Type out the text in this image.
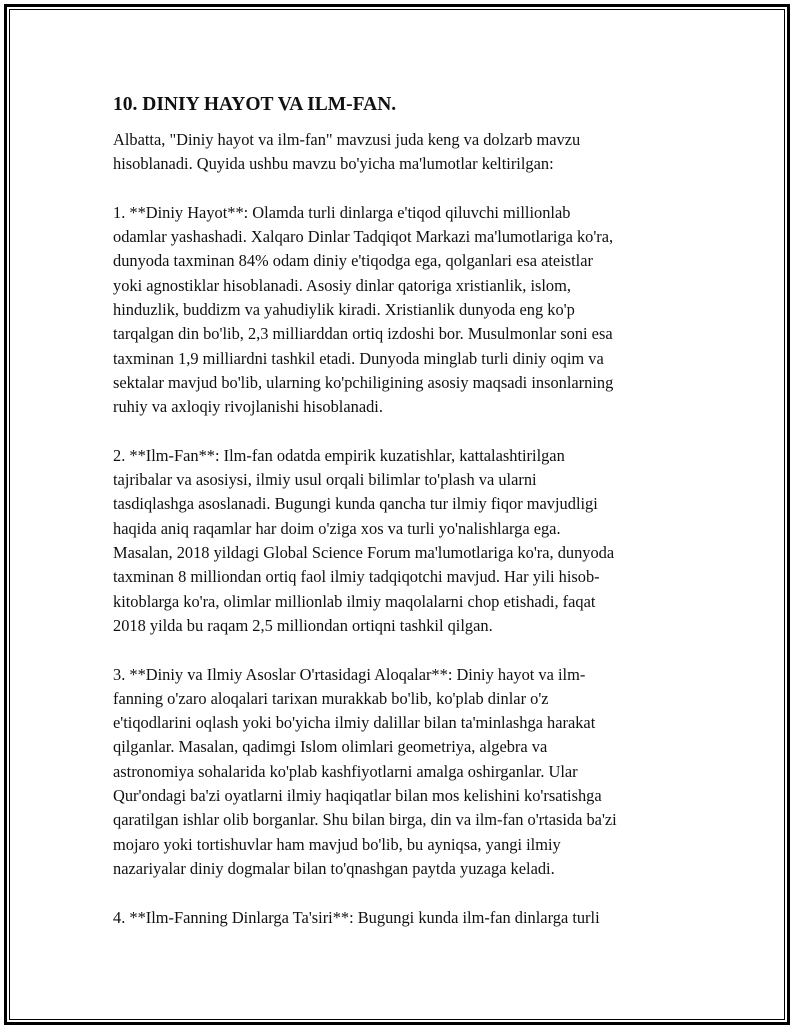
10. DINIY HAYOT VA ILM-FAN.

Albatta, "Diniy hayot va ilm-fan" mavzusi juda keng va dolzarb mavzu
hisoblanadi. Quyida ushbu mavzu bo'yicha ma'lumotlar keltirilgan:

1. **Diniy Hayot**: Olamda turli dinlarga e'tiqod qiluvchi millionlab
odamlar yashashadi. Xalqaro Dinlar Tadqiqot Markazi ma'lumotlariga ko'ra,
dunyoda taxminan 84% odam diniy e'tiqodga ega, qolganlari esa ateistlar
yoki agnostiklar hisoblanadi. Asosiy dinlar qatoriga xristianlik, islom,
hinduzlik, buddizm va yahudiylik kiradi. Xristianlik dunyoda eng ko'p
tarqalgan din bo'lib, 2,3 milliarddan ortiq izdoshi bor. Musulmonlar soni esa
taxminan 1,9 milliardni tashkil etadi. Dunyoda minglab turli diniy oqim va
sektalar mavjud bo'lib, ularning ko'pchiligining asosiy maqsadi insonlarning
ruhiy va axloqiy rivojlanishi hisoblanadi.

2. **Ilm-Fan**: Ilm-fan odatda empirik kuzatishlar, kattalashtirilgan
tajribalar va asosiysi, ilmiy usul orqali bilimlar to'plash va ularni
tasdiqlashga asoslanadi. Bugungi kunda qancha tur ilmiy fiqor mavjudligi
haqida aniq raqamlar har doim o'ziga xos va turli yo'nalishlarga ega.
Masalan, 2018 yildagi Global Science Forum ma'lumotlariga ko'ra, dunyoda
taxminan 8 milliondan ortiq faol ilmiy tadqiqotchi mavjud. Har yili hisob-
kitoblarga ko'ra, olimlar millionlab ilmiy maqolalarni chop etishadi, faqat
2018 yilda bu raqam 2,5 milliondan ortiqni tashkil qilgan.

3. **Diniy va Ilmiy Asoslar O'rtasidagi Aloqalar**: Diniy hayot va ilm-
fanning o'zaro aloqalari tarixan murakkab bo'lib, ko'plab dinlar o'z
e'tiqodlarini oqlash yoki bo'yicha ilmiy dalillar bilan ta'minlashga harakat
qilganlar. Masalan, qadimgi Islom olimlari geometriya, algebra va
astronomiya sohalarida ko'plab kashfiyotlarni amalga oshirganlar. Ular
Qur'ondagi ba'zi oyatlarni ilmiy haqiqatlar bilan mos kelishini ko'rsatishga
qaratilgan ishlar olib borganlar. Shu bilan birga, din va ilm-fan o'rtasida ba'zi
mojaro yoki tortishuvlar ham mavjud bo'lib, bu ayniqsa, yangi ilmiy
nazariyalar diniy dogmalar bilan to'qnashgan paytda yuzaga keladi.

4. **Ilm-Fanning Dinlarga Ta'siri**: Bugungi kunda ilm-fan dinlarga turli
